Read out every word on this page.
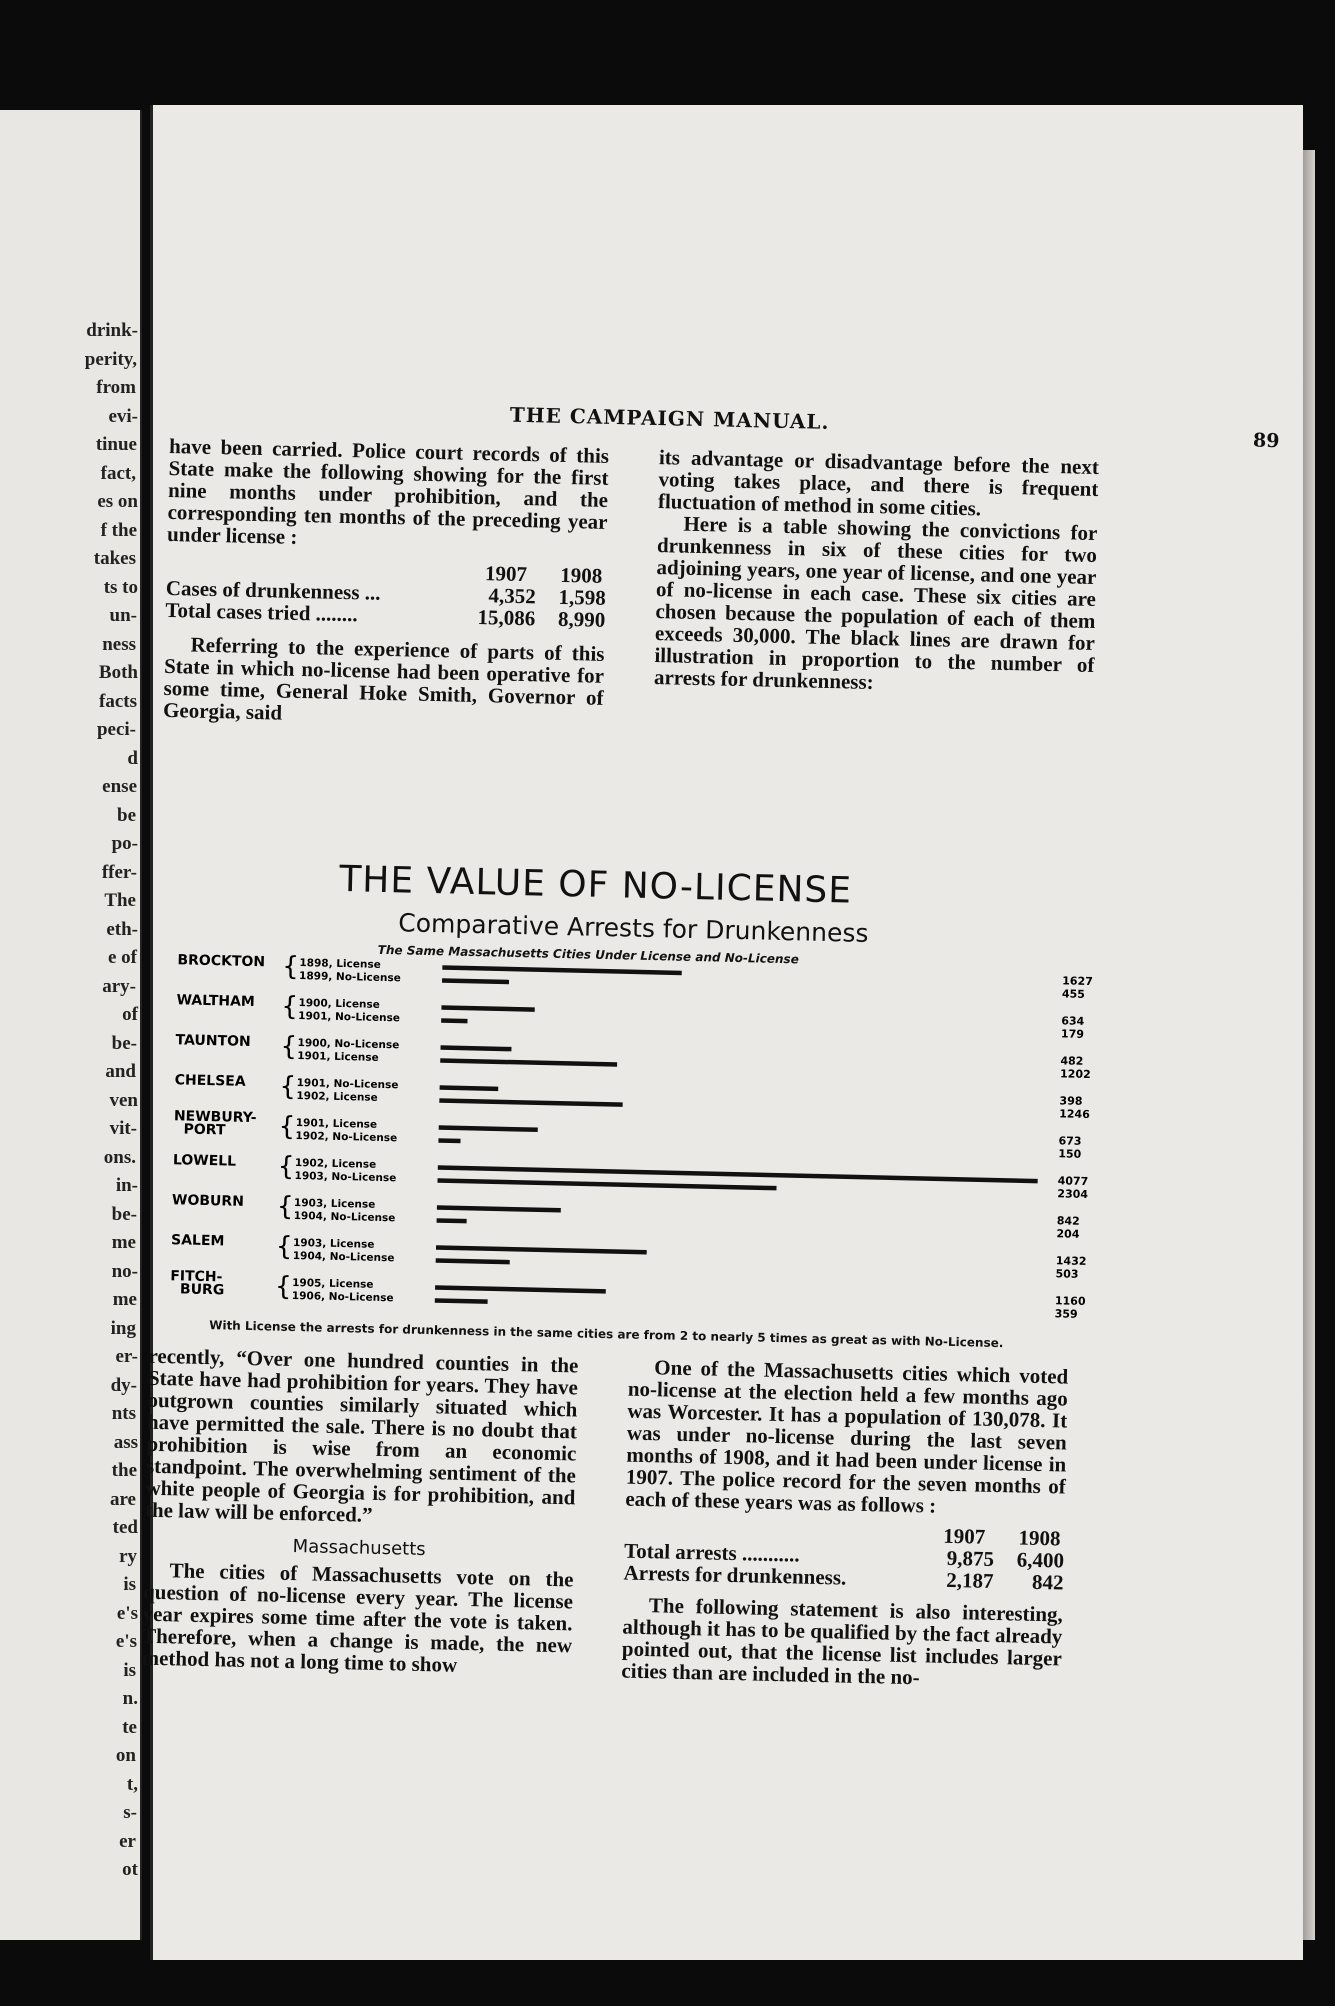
drink-
perity,
from
evi-
tinue
fact,
es on
f the
takes
ts to
un-
ness
Both
facts
peci-
d
ense
be
po-
ffer-
The
eth-
e of
ary-
of
be-
and
ven
vit-
ons.
in-
be-
me
no-
me
ing
er-
dy-
nts
ass
the
are
ted
ry
is
e's
e's
is
n.
te
on
t,
s-
er
ot
THE CAMPAIGN MANUAL.
89

have been carried. Police court records of this State make the following showing for the first nine months under prohibition, and the corresponding ten months of the preceding year under license :

1907 1908
Cases of drunkenness ...	4,352 1,598
Total cases tried ........	15,086 8,990

Referring to the experience of parts of this State in which no-license had been operative for some time, General Hoke Smith, Governor of Georgia, said

its advantage or disadvantage before the next voting takes place, and there is frequent fluctuation of method in some cities.

Here is a table showing the convictions for drunkenness in six of these cities for two adjoining years, one year of license, and one year of no-license in each case. These six cities are chosen because the population of each of them exceeds 30,000. The black lines are drawn for illustration in proportion to the number of arrests for drunkenness:

THE VALUE OF NO-LICENSE
Comparative Arrests for Drunkenness
The Same Massachusetts Cities Under License and No-License
BROCKTON { 1898, License
1627
1899, No-License
455
WALTHAM { 1900, License
634
1901, No-License
179
TAUNTON { 1900, No-License
482
1901, License
1202
CHELSEA { 1901, No-License
398
1902, License
1246
NEWBURY-
PORT { 1901, License
673
1902, No-License
150
LOWELL { 1902, License
4077
1903, No-License
2304
WOBURN { 1903, License
842
1904, No-License
204
SALEM { 1903, License
1432
1904, No-License
503
FITCH-
BURG { 1905, License
1160
1906, No-License
359
With License the arrests for drunkenness in the same cities are from 2 to nearly 5 times as great as with No-License.

recently, “Over one hundred counties in the State have had prohibition for years. They have outgrown counties similarly situated which have permitted the sale. There is no doubt that prohibition is wise from an economic standpoint. The overwhelming sentiment of the white people of Georgia is for prohibition, and the law will be enforced.”

Massachusetts

The cities of Massachusetts vote on the question of no-license every year. The license year expires some time after the vote is taken. Therefore, when a change is made, the new method has not a long time to show

One of the Massachusetts cities which voted no-license at the election held a few months ago was Worcester. It has a population of 130,078. It was under no-license during the last seven months of 1908, and it had been under license in 1907. The police record for the seven months of each of these years was as follows :

1907 1908
Total arrests ...........	9,875 6,400
Arrests for drunkenness.	2,187 842

The following statement is also interesting, although it has to be qualified by the fact already pointed out, that the license list includes larger cities than are included in the no-
